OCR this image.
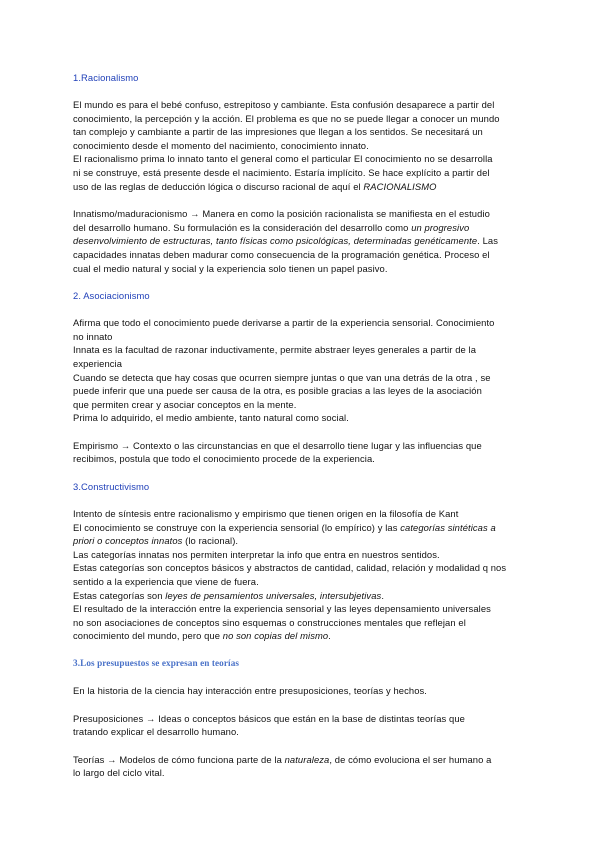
1.Racionalismo

El mundo es para el bebé confuso, estrepitoso y cambiante. Esta confusión desaparece a partir del
conocimiento, la percepción y la acción. El problema es que no se puede llegar a conocer un mundo
tan complejo y cambiante a partir de las impresiones que llegan a los sentidos. Se necesitará un
conocimiento desde el momento del nacimiento, conocimiento innato.
El racionalismo prima lo innato tanto el general como el particular El conocimiento no se desarrolla
ni se construye, está presente desde el nacimiento. Estaría implícito. Se hace explícito a partir del
uso de las reglas de deducción lógica o discurso racional de aquí el RACIONALISMO

Innatismo/maduracionismo → Manera en como la posición racionalista se manifiesta en el estudio
del desarrollo humano. Su formulación es la consideración del desarrollo como un progresivo
desenvolvimiento de estructuras, tanto físicas como psicológicas, determinadas genéticamente. Las
capacidades innatas deben madurar como consecuencia de la programación genética. Proceso el
cual el medio natural y social y la experiencia solo tienen un papel pasivo.

2. Asociacionismo

Afirma que todo el conocimiento puede derivarse a partir de la experiencia sensorial. Conocimiento
no innato
Innata es la facultad de razonar inductivamente, permite abstraer leyes generales a partir de la
experiencia
Cuando se detecta que hay cosas que ocurren siempre juntas o que van una detrás de la otra , se
puede inferir que una puede ser causa de la otra, es posible gracias a las leyes de la asociación
que permiten crear y asociar conceptos en la mente.
Prima lo adquirido, el medio ambiente, tanto natural como social.

Empirismo → Contexto o las circunstancias en que el desarrollo tiene lugar y las influencias que
recibimos, postula que todo el conocimiento procede de la experiencia.

3.Constructivismo

Intento de síntesis entre racionalismo y empirismo que tienen origen en la filosofía de Kant
El conocimiento se construye con la experiencia sensorial (lo empírico) y las categorías sintéticas a
priori o conceptos innatos (lo racional).
Las categorías innatas nos permiten interpretar la info que entra en nuestros sentidos.
Estas categorías son conceptos básicos y abstractos de cantidad, calidad, relación y modalidad q nos
sentido a la experiencia que viene de fuera.
Estas categorías son leyes de pensamientos universales, intersubjetivas.
El resultado de la interacción entre la experiencia sensorial y las leyes depensamiento universales
no son asociaciones de conceptos sino esquemas o construcciones mentales que reflejan el
conocimiento del mundo, pero que no son copias del mismo.

3.Los presupuestos se expresan en teorías

En la historia de la ciencia hay interacción entre presuposiciones, teorías y hechos.

Presuposiciones → Ideas o conceptos básicos que están en la base de distintas teorías que
tratando explicar el desarrollo humano.

Teorías → Modelos de cómo funciona parte de la naturaleza, de cómo evoluciona el ser humano a
lo largo del ciclo vital.
